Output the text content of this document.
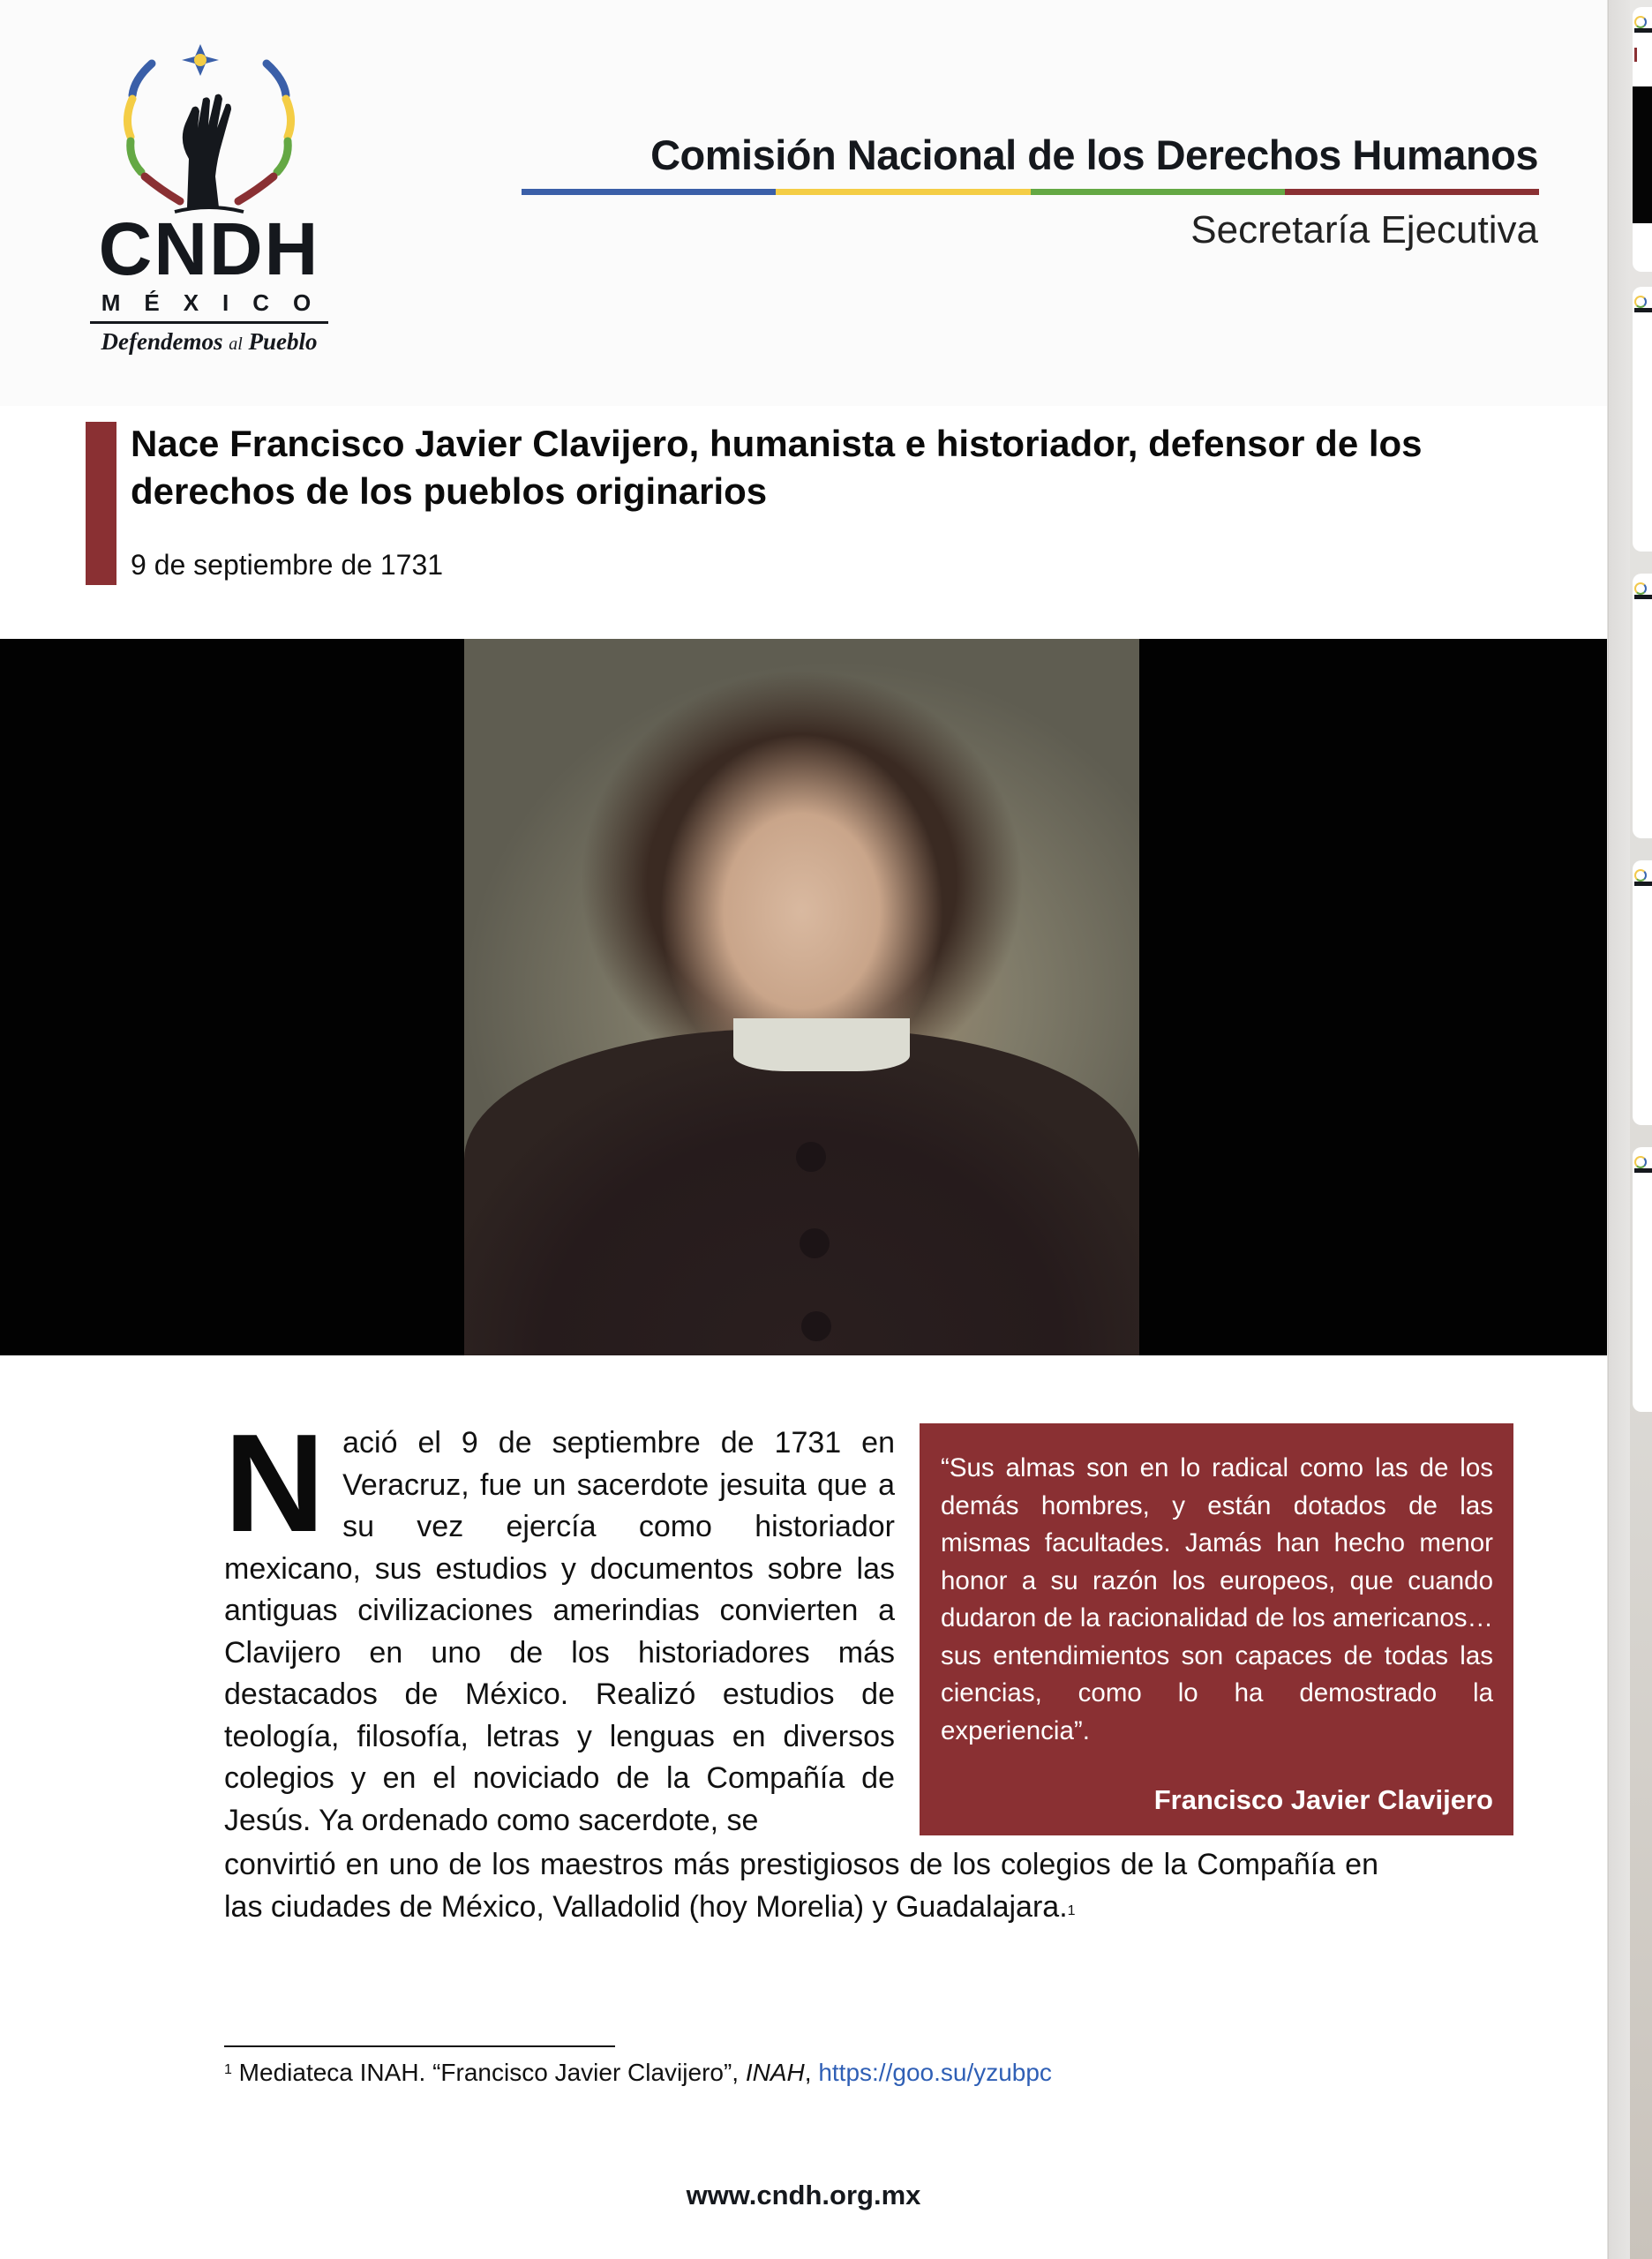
CNDH
MÉXICO
Defendemos al Pueblo
Comisión Nacional de los Derechos Humanos
Secretaría Ejecutiva
Nace Francisco Javier Clavijero, humanista e historiador, defensor de los derechos de los pueblos originarios
9 de septiembre de 1731
Nació el 9 de septiembre de 1731 en Veracruz, fue un sacerdote jesuita que a su vez ejercía como historiador mexicano, sus estudios y documentos sobre las antiguas civilizaciones amerindias convierten a Clavijero en uno de los historiadores más destacados de México. Realizó estudios de teología, filosofía, letras y lenguas en diversos colegios y en el noviciado de la Compañía de Jesús. Ya ordenado como sacerdote, se
“Sus almas son en lo radical como las de los demás hombres, y están dotados de las mismas facultades. Jamás han hecho menor honor a su razón los europeos, que cuando dudaron de la racionalidad de los americanos… sus entendimientos son capaces de todas las ciencias, como lo ha demostrado la experiencia”.
Francisco Javier Clavijero
convirtió en uno de los maestros más prestigiosos de los colegios de la Compañía en las ciudades de México, Valladolid (hoy Morelia) y Guadalajara.$^1$
$^1$ Mediateca INAH. “Francisco Javier Clavijero”, INAH, https://goo.su/yzubpc
www.cndh.org.mx
